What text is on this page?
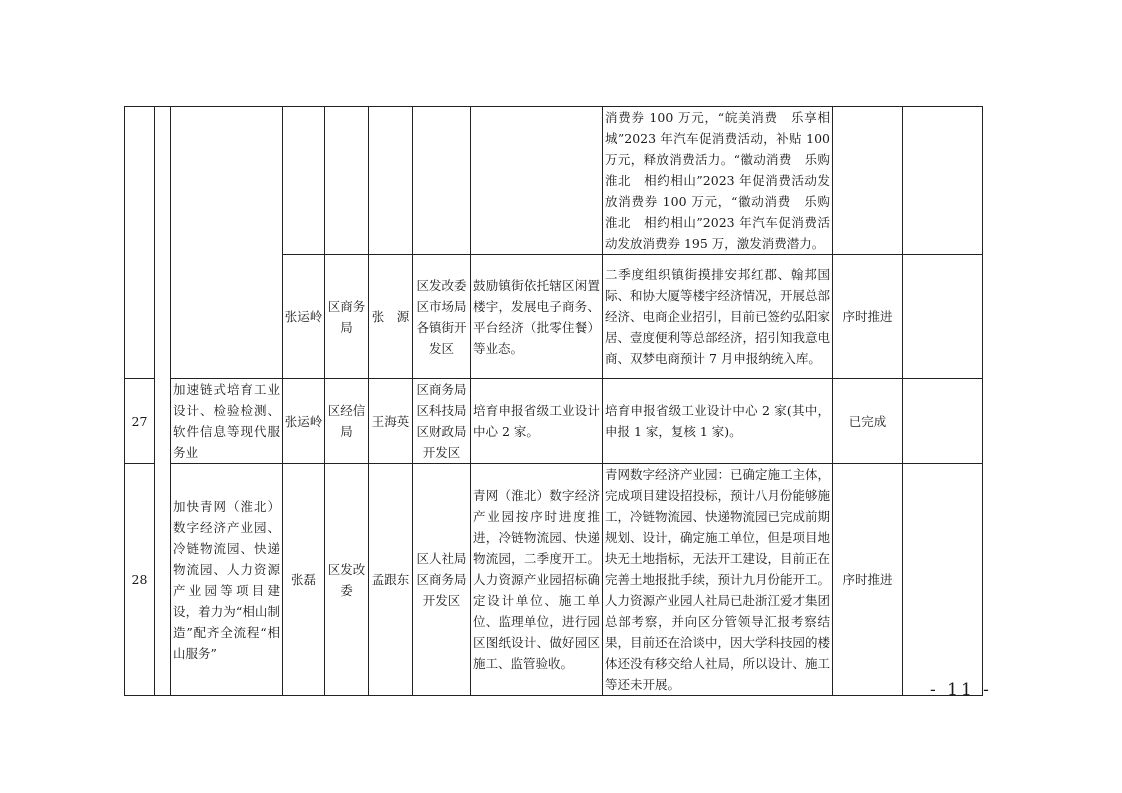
								消费券 100 万元，“皖美消费　乐享相城”2023 年汽车促消费活动，补贴 100 万元，释放消费活力。“徽动消费　乐购淮北　相约相山”2023 年促消费活动发放消费券 100 万元，“徽动消费　乐购淮北　相约相山”2023 年汽车促消费活动发放消费券 195 万，激发消费潜力。		
			张运岭	区商务局	张　源	区发改委区市场局各镇街开发区	鼓励镇街依托辖区闲置楼宇，发展电子商务、平台经济（批零住餐）等业态。	二季度组织镇街摸排安邦红郡、翰邦国际、和协大厦等楼宇经济情况，开展总部经济、电商企业招引，目前已签约弘阳家居、壹度便利等总部经济，招引知我意电商、双梦电商预计 7 月申报纳统入库。	序时推进	
27		加速链式培育工业设计、检验检测、软件信息等现代服务业	张运岭	区经信局	王海英	区商务局区科技局区财政局开发区	培育申报省级工业设计中心 2 家。	培育申报省级工业设计中心 2 家(其中，申报 1 家，复核 1 家)。	已完成	
28		加快青网（淮北）数字经济产业园、冷链物流园、快递物流园、人力资源产业园等项目建设，着力为“相山制造”配齐全流程“相山服务”	张磊	区发改委	孟跟东	区人社局区商务局开发区	青网（淮北）数字经济产业园按序时进度推进，冷链物流园、快递物流园，二季度开工。人力资源产业园招标确定设计单位、施工单位、监理单位，进行园区图纸设计、做好园区施工、监管验收。	青网数字经济产业园：已确定施工主体，完成项目建设招投标，预计八月份能够施工，冷链物流园、快递物流园已完成前期规划、设计，确定施工单位，但是项目地块无土地指标，无法开工建设，目前正在完善土地报批手续，预计九月份能开工。人力资源产业园人社局已赴浙江爱才集团总部考察，并向区分管领导汇报考察结果，目前还在洽谈中，因大学科技园的楼体还没有移交给人社局，所以设计、施工等还未开展。	序时推进	
- 11 -
